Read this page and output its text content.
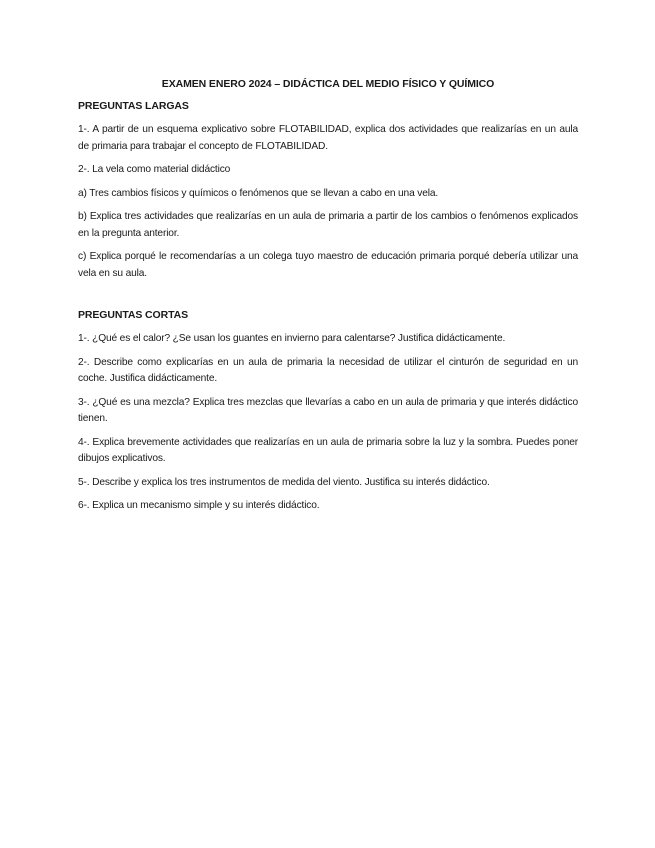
EXAMEN ENERO 2024 – DIDÁCTICA DEL MEDIO FÍSICO Y QUÍMICO
PREGUNTAS LARGAS

1-. A partir de un esquema explicativo sobre FLOTABILIDAD, explica dos actividades que realizarías en un aula de primaria para trabajar el concepto de FLOTABILIDAD.

2-. La vela como material didáctico

a) Tres cambios físicos y químicos o fenómenos que se llevan a cabo en una vela.

b) Explica tres actividades que realizarías en un aula de primaria a partir de los cambios o fenómenos explicados en la pregunta anterior.

c) Explica porqué le recomendarías a un colega tuyo maestro de educación primaria porqué debería utilizar una vela en su aula.

PREGUNTAS CORTAS

1-. ¿Qué es el calor? ¿Se usan los guantes en invierno para calentarse? Justifica didácticamente.

2-. Describe como explicarías en un aula de primaria la necesidad de utilizar el cinturón de seguridad en un coche. Justifica didácticamente.

3-. ¿Qué es una mezcla? Explica tres mezclas que llevarías a cabo en un aula de primaria y que interés didáctico tienen.

4-. Explica brevemente actividades que realizarías en un aula de primaria sobre la luz y la sombra. Puedes poner dibujos explicativos.

5-. Describe y explica los tres instrumentos de medida del viento. Justifica su interés didáctico.

6-. Explica un mecanismo simple y su interés didáctico.
